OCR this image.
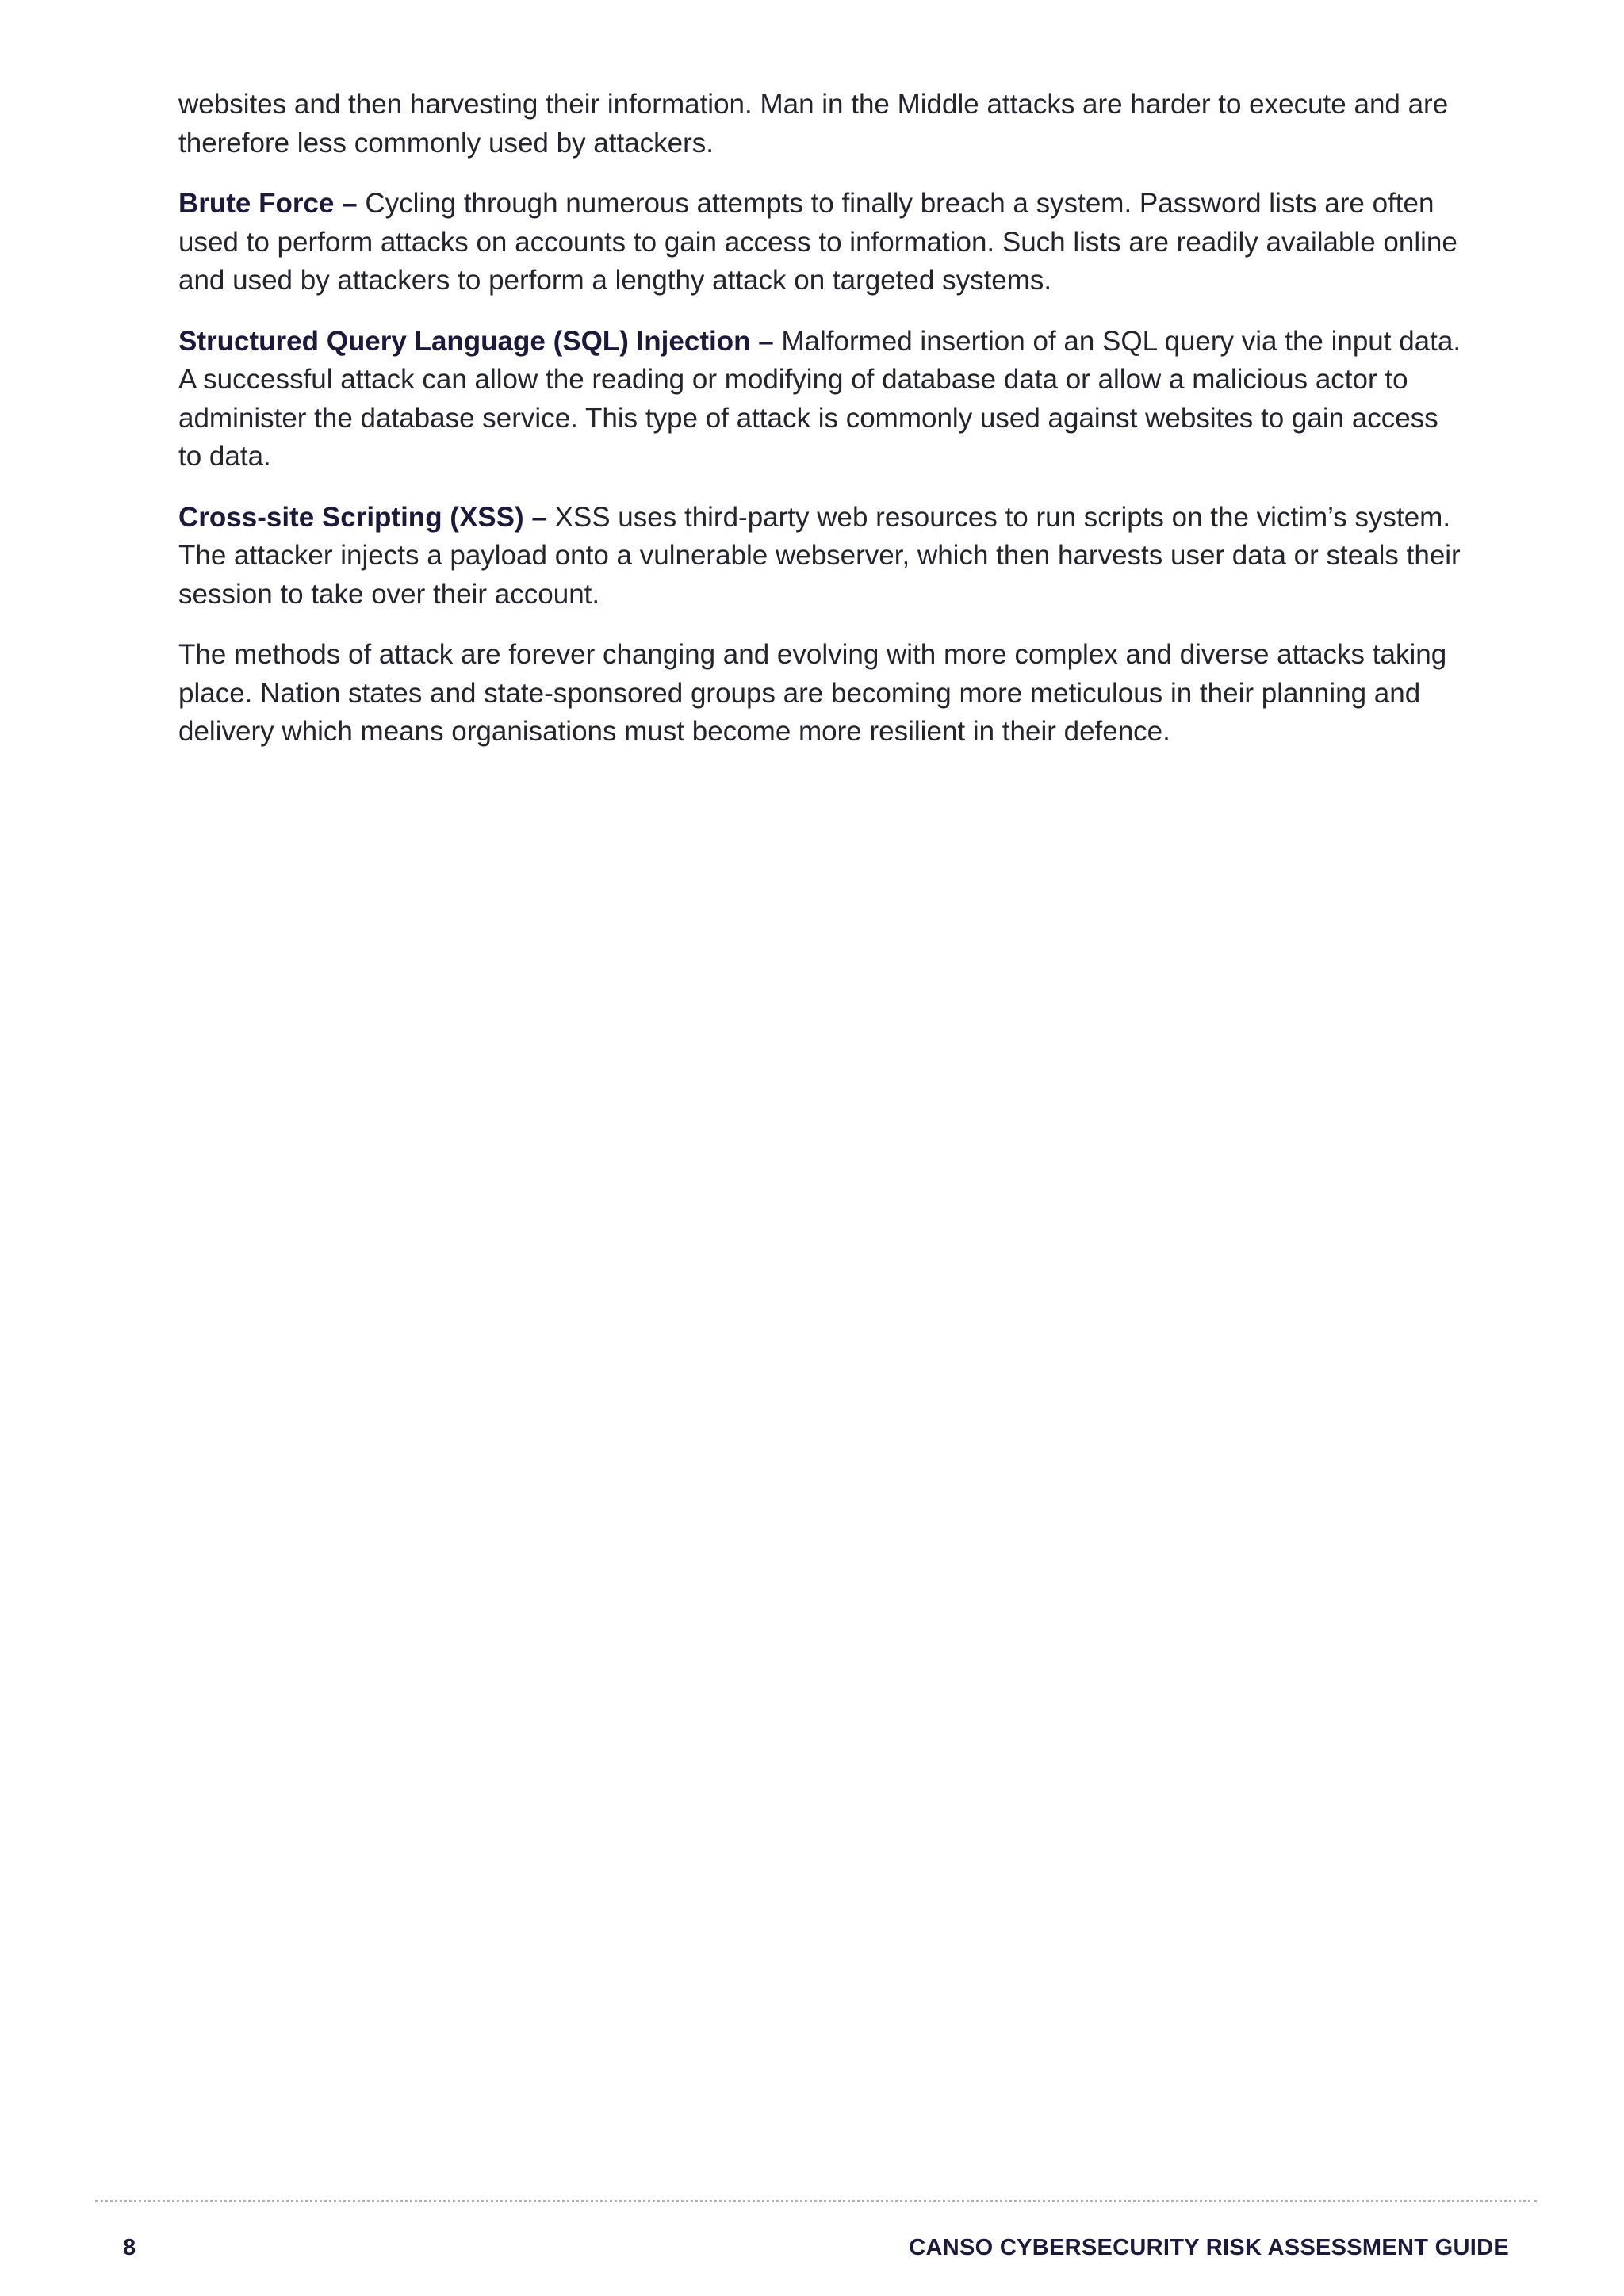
websites and then harvesting their information. Man in the Middle attacks are harder to execute and are therefore less commonly used by attackers.

Brute Force – Cycling through numerous attempts to finally breach a system. Password lists are often used to perform attacks on accounts to gain access to information. Such lists are readily available online and used by attackers to perform a lengthy attack on targeted systems.

Structured Query Language (SQL) Injection – Malformed insertion of an SQL query via the input data. A successful attack can allow the reading or modifying of database data or allow a malicious actor to administer the database service. This type of attack is commonly used against websites to gain access to data.

Cross-site Scripting (XSS) – XSS uses third-party web resources to run scripts on the victim’s system. The attacker injects a payload onto a vulnerable webserver, which then harvests user data or steals their session to take over their account.

The methods of attack are forever changing and evolving with more complex and diverse attacks taking place. Nation states and state-sponsored groups are becoming more meticulous in their planning and delivery which means organisations must become more resilient in their defence.

8	CANSO CYBERSECURITY RISK ASSESSMENT GUIDE
